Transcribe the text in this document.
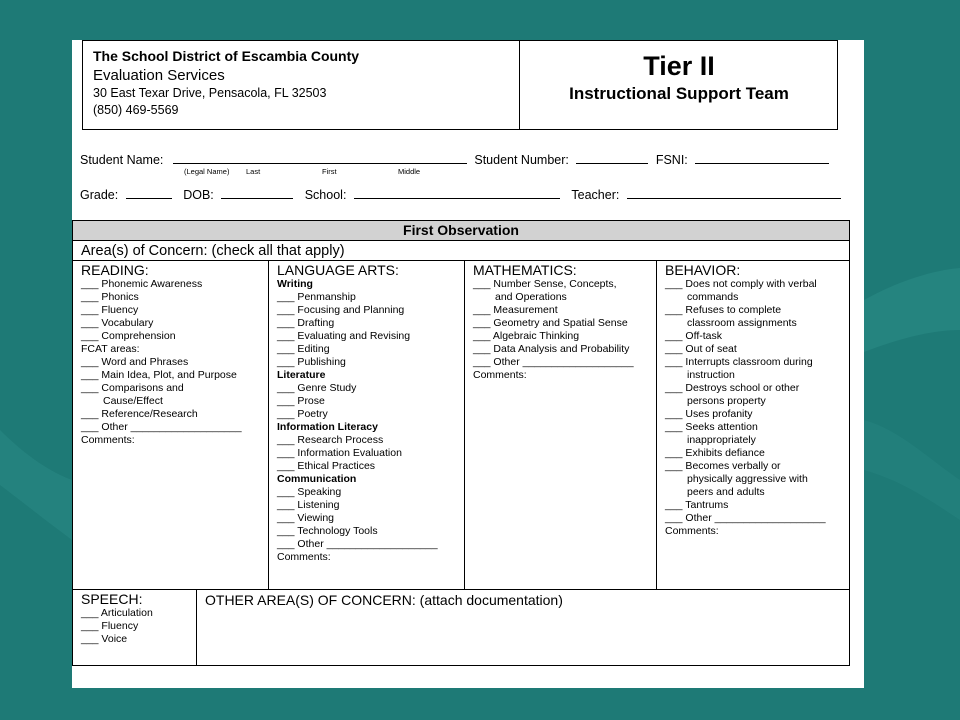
The School District of Escambia County
Evaluation Services
30 East Texar Drive, Pensacola, FL 32503
(850) 469-5569
Tier II
Instructional Support Team
Student Name:	Student Number:	FSNI:
(Legal Name) Last	First	Middle
Grade:	DOB:	School:	Teacher:
First Observation
Area(s) of Concern: (check all that apply)
READING:
___ Phonemic Awareness
___ Phonics
___ Fluency
___ Vocabulary
___ Comprehension
FCAT areas:
___ Word and Phrases
___ Main Idea, Plot, and Purpose
___ Comparisons and
Cause/Effect
___ Reference/Research
___ Other ___________________
Comments:
LANGUAGE ARTS:
Writing
___ Penmanship
___ Focusing and Planning
___ Drafting
___ Evaluating and Revising
___ Editing
___ Publishing
Literature
___ Genre Study
___ Prose
___ Poetry
Information Literacy
___ Research Process
___ Information Evaluation
___ Ethical Practices
Communication
___ Speaking
___ Listening
___ Viewing
___ Technology Tools
___ Other ___________________
Comments:
MATHEMATICS:
___ Number Sense, Concepts,
and Operations
___ Measurement
___ Geometry and Spatial Sense
___ Algebraic Thinking
___ Data Analysis and Probability
___ Other ___________________
Comments:
BEHAVIOR:
___ Does not comply with verbal
commands
___ Refuses to complete
classroom assignments
___ Off-task
___ Out of seat
___ Interrupts classroom during
instruction
___ Destroys school or other
persons property
___ Uses profanity
___ Seeks attention
inappropriately
___ Exhibits defiance
___ Becomes verbally or
physically aggressive with
peers and adults
___ Tantrums
___ Other ___________________
Comments:
SPEECH:
___ Articulation
___ Fluency
___ Voice
OTHER AREA(S) OF CONCERN: (attach documentation)
